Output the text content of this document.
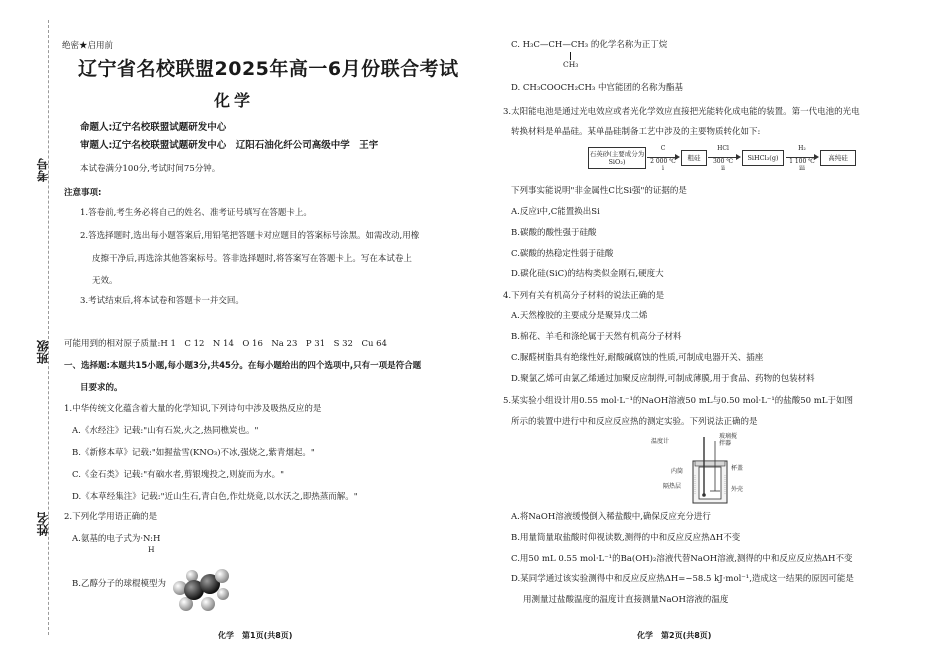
考号
班级
姓名
绝密★启用前
辽宁省名校联盟2025年高一6月份联合考试
化学
命题人:辽宁名校联盟试题研发中心
审题人:辽宁名校联盟试题研发中心　辽阳石油化纤公司高级中学　王宇
本试卷满分100分,考试时间75分钟。
注意事项:
1.答卷前,考生务必将自己的姓名、准考证号填写在答题卡上。
2.答选择题时,选出每小题答案后,用铅笔把答题卡对应题目的答案标号涂黑。如需改动,用橡
皮擦干净后,再选涂其他答案标号。答非选择题时,将答案写在答题卡上。写在本试卷上
无效。
3.考试结束后,将本试卷和答题卡一并交回。
可能用到的相对原子质量:H 1　C 12　N 14　O 16　Na 23　P 31　S 32　Cu 64
一、选择题:本题共15小题,每小题3分,共45分。在每小题给出的四个选项中,只有一项是符合题
目要求的。
1.中华传统文化蕴含着大量的化学知识,下列诗句中涉及吸热反应的是
A.《水经注》记载:"山有石炭,火之,热同樵炭也。"
B.《新修本草》记载:"如握盐雪(KNO₃)不冰,强烧之,紫青烟起。"
C.《金石类》记载:"有硇水者,剪银塊投之,则旋而为水。"
D.《本草经集注》记载:"近山生石,青白色,作灶烧竟,以水沃之,即热蒸而解。"
2.下列化学用语正确的是
A.氨基的电子式为·N:H
H
B.乙醇分子的球棍模型为
化学　第1页(共8页)
C. H₃C—CH—CH₃ 的化学名称为正丁烷
CH₃
D. CH₃COOCH₂CH₃ 中官能团的名称为酯基
3.太阳能电池是通过光电效应或者光化学效应直接把光能转化成电能的装置。第一代电池的光电
转换材料是单晶硅。某单晶硅制备工艺中涉及的主要物质转化如下:
石英砂(主要成分为SiO₂)
C
2 000 ℃
i
粗硅
HCl
300 ℃
ii
SiHCl₃(g)
H₂
1 100 ℃
iii
高纯硅
下列事实能说明"非金属性C比Si强"的证据的是
A.反应i中,C能置换出Si
B.碳酸的酸性强于硅酸
C.碳酸的热稳定性弱于硅酸
D.碳化硅(SiC)的结构类似金刚石,硬度大
4.下列有关有机高分子材料的说法正确的是
A.天然橡胶的主要成分是聚异戊二烯
B.棉花、羊毛和涤纶属于天然有机高分子材料
C.脲醛树脂具有绝缘性好,耐酸碱腐蚀的性质,可制成电器开关、插座
D.聚氯乙烯可由氯乙烯通过加聚反应制得,可制成薄膜,用于食品、药物的包装材料
5.某实验小组设计用0.55 mol·L⁻¹的NaOH溶液50 mL与0.50 mol·L⁻¹的盐酸50 mL于如图
所示的装置中进行中和反应反应热的测定实验。下列说法正确的是
温度计
玻璃搅拌器
内筒	杯盖
隔热层	外壳
A.将NaOH溶液缓慢倒入稀盐酸中,确保反应充分进行
B.用量筒量取盐酸时仰视读数,测得的中和反应反应热ΔH不变
C.用50 mL 0.55 mol·L⁻¹的Ba(OH)₂溶液代替NaOH溶液,测得的中和反应反应热ΔH不变
D.某同学通过该实验测得中和反应反应热ΔH=−58.5 kJ·mol⁻¹,造成这一结果的原因可能是
用测量过盐酸温度的温度计直接测量NaOH溶液的温度
化学　第2页(共8页)
